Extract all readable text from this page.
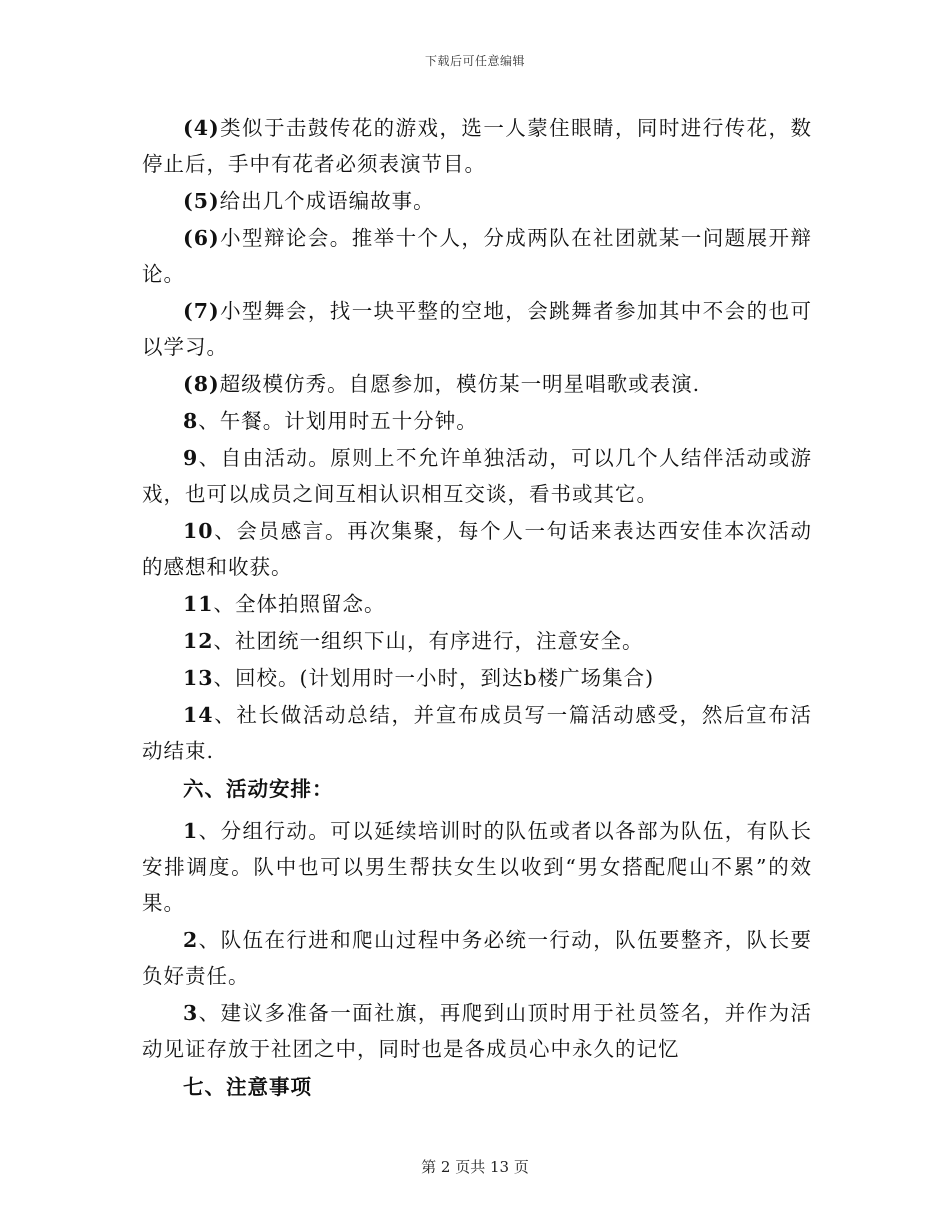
下载后可任意编辑

(4)类似于击鼓传花的游戏，选一人蒙住眼睛，同时进行传花，数停止后，手中有花者必须表演节目。

(5)给出几个成语编故事。

(6)小型辩论会。推举十个人，分成两队在社团就某一问题展开辩论。

(7)小型舞会，找一块平整的空地，会跳舞者参加其中不会的也可以学习。

(8)超级模仿秀。自愿参加，模仿某一明星唱歌或表演.

8、午餐。计划用时五十分钟。

9、自由活动。原则上不允许单独活动，可以几个人结伴活动或游戏，也可以成员之间互相认识相互交谈，看书或其它。

10、会员感言。再次集聚，每个人一句话来表达西安佳本次活动的感想和收获。

11、全体拍照留念。

12、社团统一组织下山，有序进行，注意安全。

13、回校。(计划用时一小时，到达b楼广场集合)

14、社长做活动总结，并宣布成员写一篇活动感受，然后宣布活动结束.

六、活动安排：

1、分组行动。可以延续培训时的队伍或者以各部为队伍，有队长安排调度。队中也可以男生帮扶女生以收到“男女搭配爬山不累”的效果。

2、队伍在行进和爬山过程中务必统一行动，队伍要整齐，队长要负好责任。

3、建议多准备一面社旗，再爬到山顶时用于社员签名，并作为活动见证存放于社团之中，同时也是各成员心中永久的记忆

七、注意事项

第 2 页共 13 页
